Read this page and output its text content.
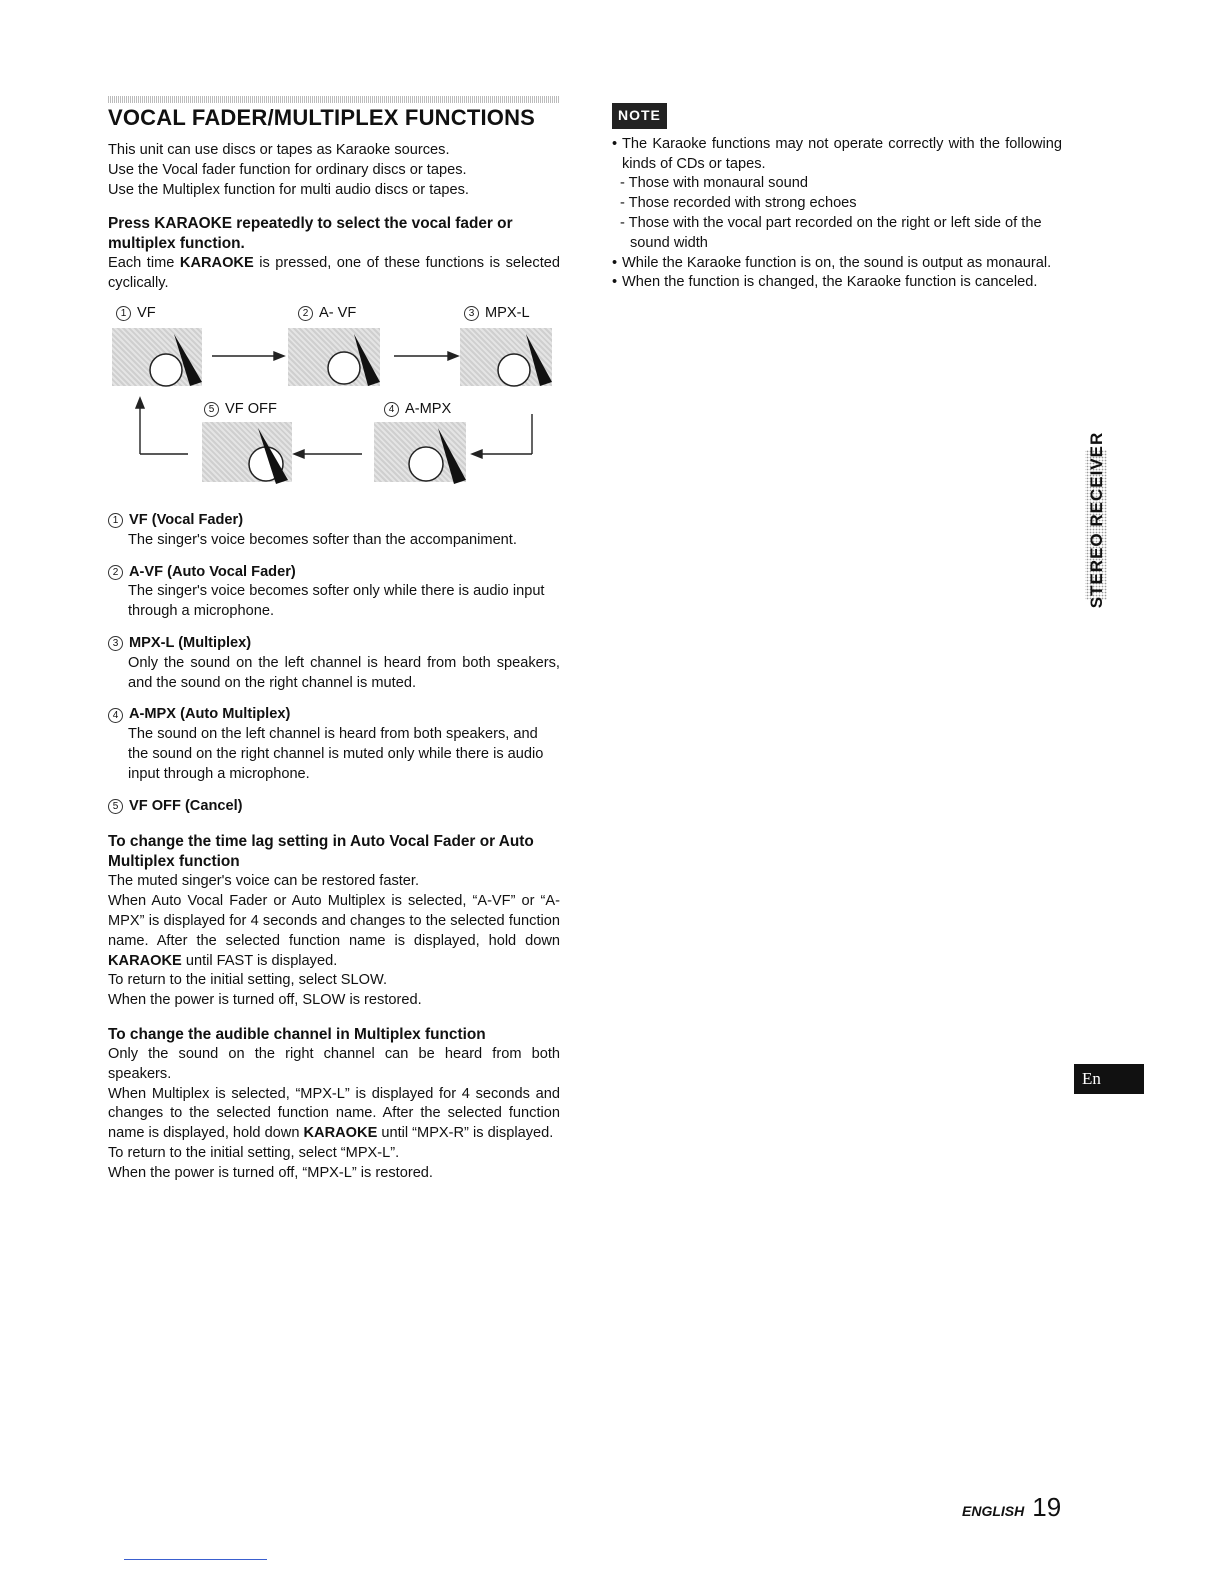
VOCAL FADER/MULTIPLEX FUNCTIONS

This unit can use discs or tapes as Karaoke sources.
Use the Vocal fader function for ordinary discs or tapes.
Use the Multiplex function for multi audio discs or tapes.

Press KARAOKE repeatedly to select the vocal fader or multiplex function.

Each time KARAOKE is pressed, one of these functions is selected cyclically.

1 VF	2 A- VF	3 MPX-L
4 A-MPX
5 VF OFF
1 VF (Vocal Fader)
The singer's voice becomes softer than the accompaniment.
2 A-VF (Auto Vocal Fader)
The singer's voice becomes softer only while there is audio input through a microphone.
3 MPX-L (Multiplex)
Only the sound on the left channel is heard from both speakers, and the sound on the right channel is muted.
4 A-MPX (Auto Multiplex)
The sound on the left channel is heard from both speakers, and the sound on the right channel is muted only while there is audio input through a microphone.
5 VF OFF (Cancel)
To change the time lag setting in Auto Vocal Fader or Auto Multiplex function

The muted singer's voice can be restored faster.

When Auto Vocal Fader or Auto Multiplex is selected, “A-VF” or “A-MPX” is displayed for 4 seconds and changes to the selected function name. After the selected function name is displayed, hold down KARAOKE until FAST is displayed.

To return to the initial setting, select SLOW.

When the power is turned off, SLOW is restored.

To change the audible channel in Multiplex function

Only the sound on the right channel can be heard from both speakers.

When Multiplex is selected, “MPX-L” is displayed for 4 seconds and changes to the selected function name. After the selected function name is displayed, hold down KARAOKE until “MPX-R” is displayed.

To return to the initial setting, select “MPX-L”.

When the power is turned off, “MPX-L” is restored.

NOTE
• The Karaoke functions may not operate correctly with the following kinds of CDs or tapes.
- Those with monaural sound
- Those recorded with strong echoes
- Those with the vocal part recorded on the right or left side of the sound width
• While the Karaoke function is on, the sound is output as monaural.
• When the function is changed, the Karaoke function is canceled.
STEREO RECEIVER
En
ENGLISH 19
